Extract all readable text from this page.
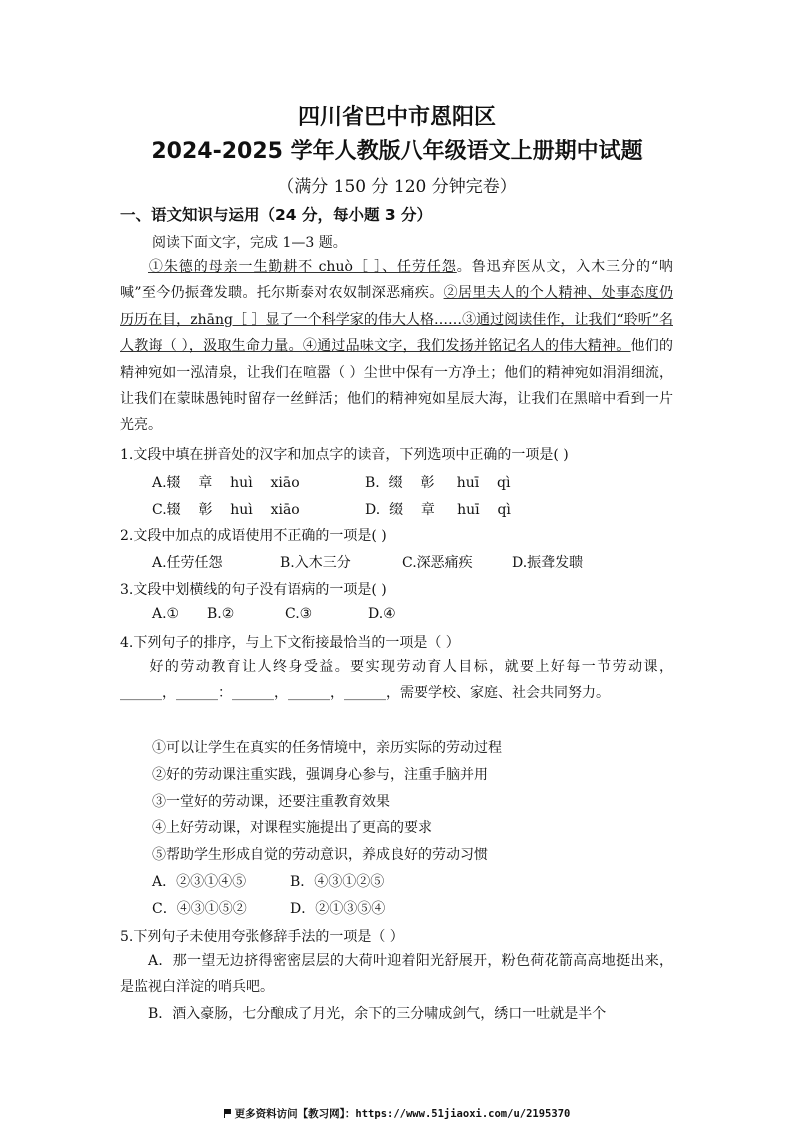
四川省巴中市恩阳区
2024-2025 学年人教版八年级语文上册期中试题
（满分 150 分 120 分钟完卷）
一、语文知识与运用（24 分，每小题 3 分）
阅读下面文字，完成 1—3 题。
  ①朱德的母亲一生勤耕不 chuò［ ］、任劳任怨。鲁迅弃医从文，入木三分的“呐喊”至今仍振聋发聩。托尔斯泰对农奴制深恶痛疾。②居里夫人的个人精神、处事态度仍历历在目，zhāng［ ］显了一个科学家的伟大人格……③通过阅读佳作，让我们“聆听”名人教诲（ ），汲取生命力量。④通过品味文字，我们发扬并铭记名人的伟大精神。他们的精神宛如一泓清泉，让我们在喧嚣（ ）尘世中保有一方净土；他们的精神宛如涓涓细流，让我们在蒙昧愚钝时留存一丝鲜活；他们的精神宛如星辰大海，让我们在黑暗中看到一片光亮。
1.文段中填在拼音处的汉字和加点字的读音，下列选项中正确的一项是( )
A.辍    章    huì    xiāo	B.  缀    彰     huī    qì
C.辍    彰    huì    xiāo	D.  缀    章     huī    qì
2.文段中加点的成语使用不正确的一项是( )
A.任劳任怨	B.入木三分	C.深恶痛疾	D.振聋发聩
3.文段中划横线的句子没有语病的一项是( )
A.① B.②	C.③	D.④
4.下列句子的排序，与上下文衔接最恰当的一项是（ ）
  好的劳动教育让人终身受益。要实现劳动育人目标，就要上好每一节劳动课，______，______：______，______，______，需要学校、家庭、社会共同努力。
①可以让学生在真实的任务情境中，亲历实际的劳动过程
②好的劳动课注重实践，强调身心参与，注重手脑并用
③一堂好的劳动课，还要注重教育效果
④上好劳动课，对课程实施提出了更高的要求
⑤帮助学生形成自觉的劳动意识，养成良好的劳动习惯
A．②③①④⑤	B．④③①②⑤
C．④③①⑤②	D．②①③⑤④
5.下列句子未使用夸张修辞手法的一项是（ ）
  A．那一望无边挤得密密层层的大荷叶迎着阳光舒展开，粉色荷花箭高高地挺出来，是监视白洋淀的哨兵吧。
  B．酒入豪肠，七分酿成了月光，余下的三分啸成剑气，绣口一吐就是半个
更多资料访问【教习网】：https://www.51jiaoxi.com/u/2195370
